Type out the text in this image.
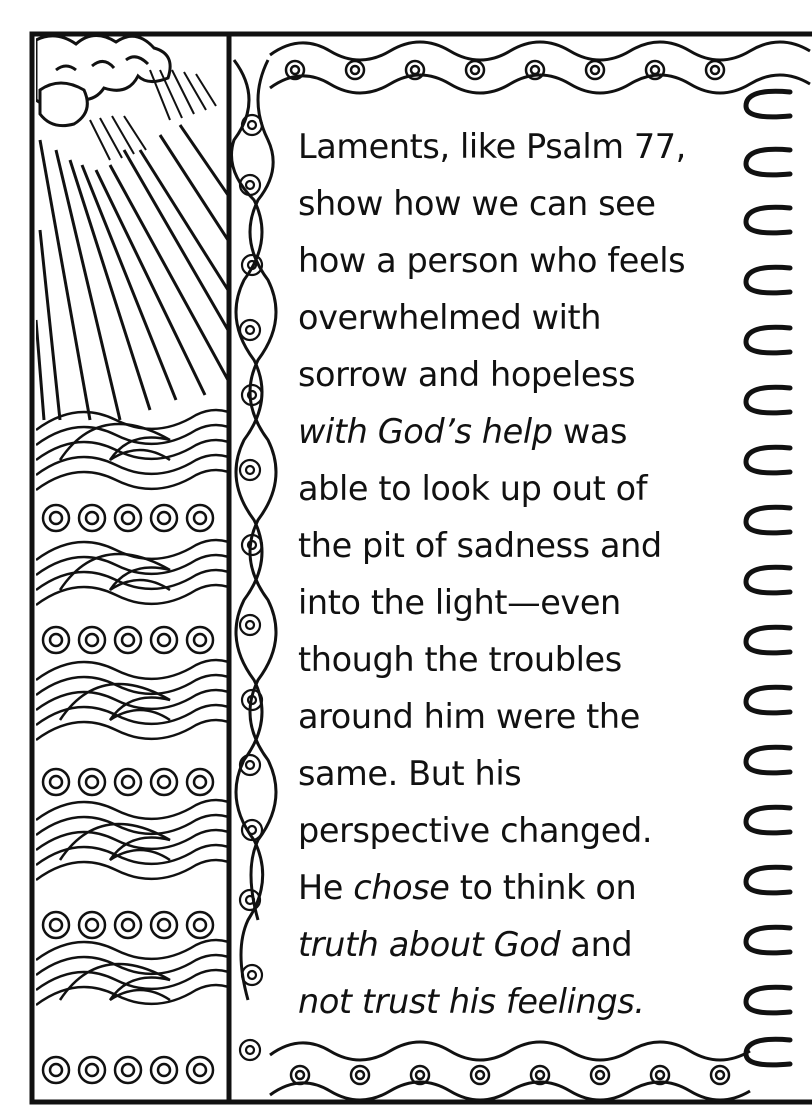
Laments, like Psalm 77,
show how we can see
how a person who feels
overwhelmed with
sorrow and hopeless
with God’s help was
able to look up out of
the pit of sadness and
into the light—even
though the troubles
around him were the
same. But his
perspective changed.
He chose to think on
truth about God and
not trust his feelings.
